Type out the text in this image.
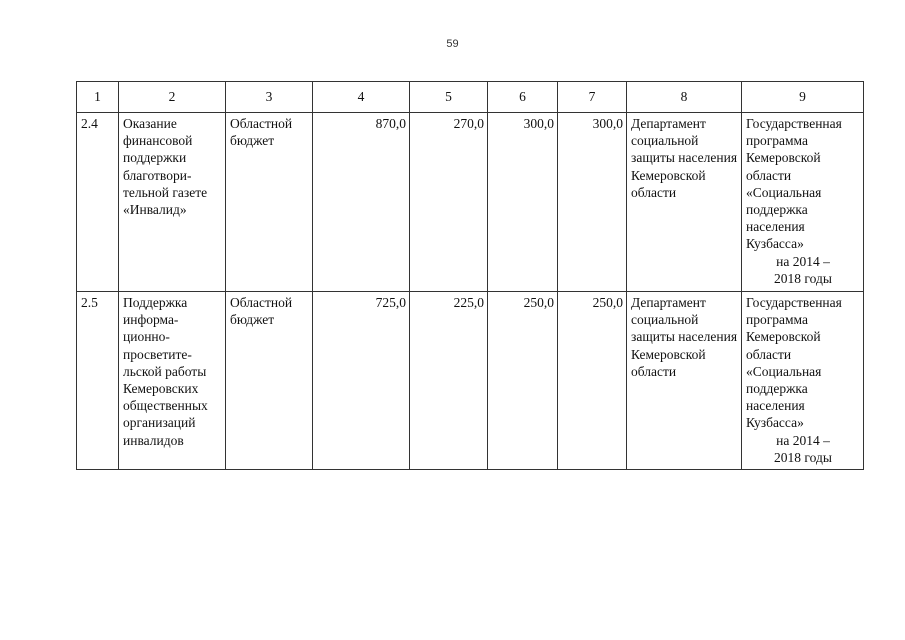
59
1	2	3	4	5	6	7	8	9
2.4	Оказание финансовой поддержки благотвори-тельной газете «Инвалид»	Областной бюджет	870,0	270,0	300,0	300,0	Департамент социальной защиты населения Кемеровской области	Государственная программа Кемеровской области «Социальная поддержка населения Кузбасса»
на 2014 –
2018 годы

2.5	Поддержка информа-ционно-просветите-льской работы Кемеровских общественных организаций инвалидов	Областной бюджет	725,0	225,0	250,0	250,0	Департамент социальной защиты населения Кемеровской области	Государственная программа Кемеровской области «Социальная поддержка населения Кузбасса»
на 2014 –
2018 годы
